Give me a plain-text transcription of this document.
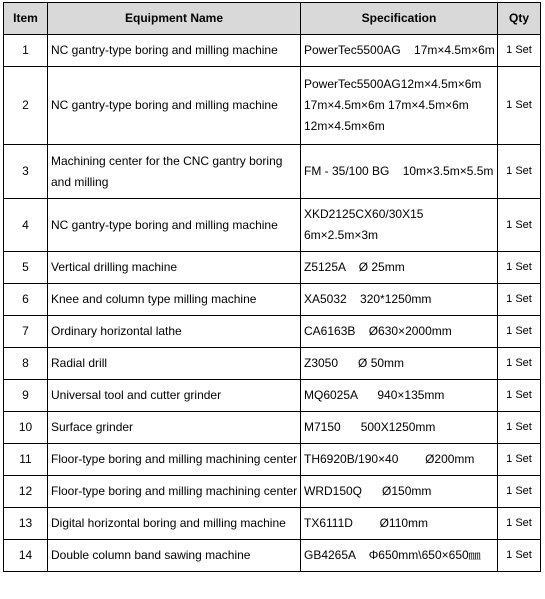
Item	Equipment Name	Specification	Qty
1	NC gantry-type boring and milling machine	PowerTec5500AG    17m×4.5m×6m	1 Set
2	NC gantry-type boring and milling machine	PowerTec5500AG12m×4.5m×6m
17m×4.5m×6m 17m×4.5m×6m
12m×4.5m×6m	1 Set
3	Machining center for the CNC gantry boring
and milling	FM - 35/100 BG    10m×3.5m×5.5m	1 Set
4	NC gantry-type boring and milling machine	XKD2125CX60/30X15
6m×2.5m×3m	1 Set
5	Vertical drilling machine	Z5125A    Ø 25mm	1 Set
6	Knee and column type milling machine	XA5032    320*1250mm	1 Set
7	Ordinary horizontal lathe	CA6163B    Ø630×2000mm	1 Set
8	Radial drill	Z3050      Ø 50mm	1 Set
9	Universal tool and cutter grinder	MQ6025A      940×135mm	1 Set
10	Surface grinder	M7150      500X1250mm	1 Set
11	Floor-type boring and milling machining center	TH6920B/190×40        Ø200mm	1 Set
12	Floor-type boring and milling machining center	WRD150Q      Ø150mm	1 Set
13	Digital horizontal boring and milling machine	TX6111D        Ø110mm	1 Set
14	Double column band sawing machine	GB4265A    Φ650mm\650×650㎜	1 Set
